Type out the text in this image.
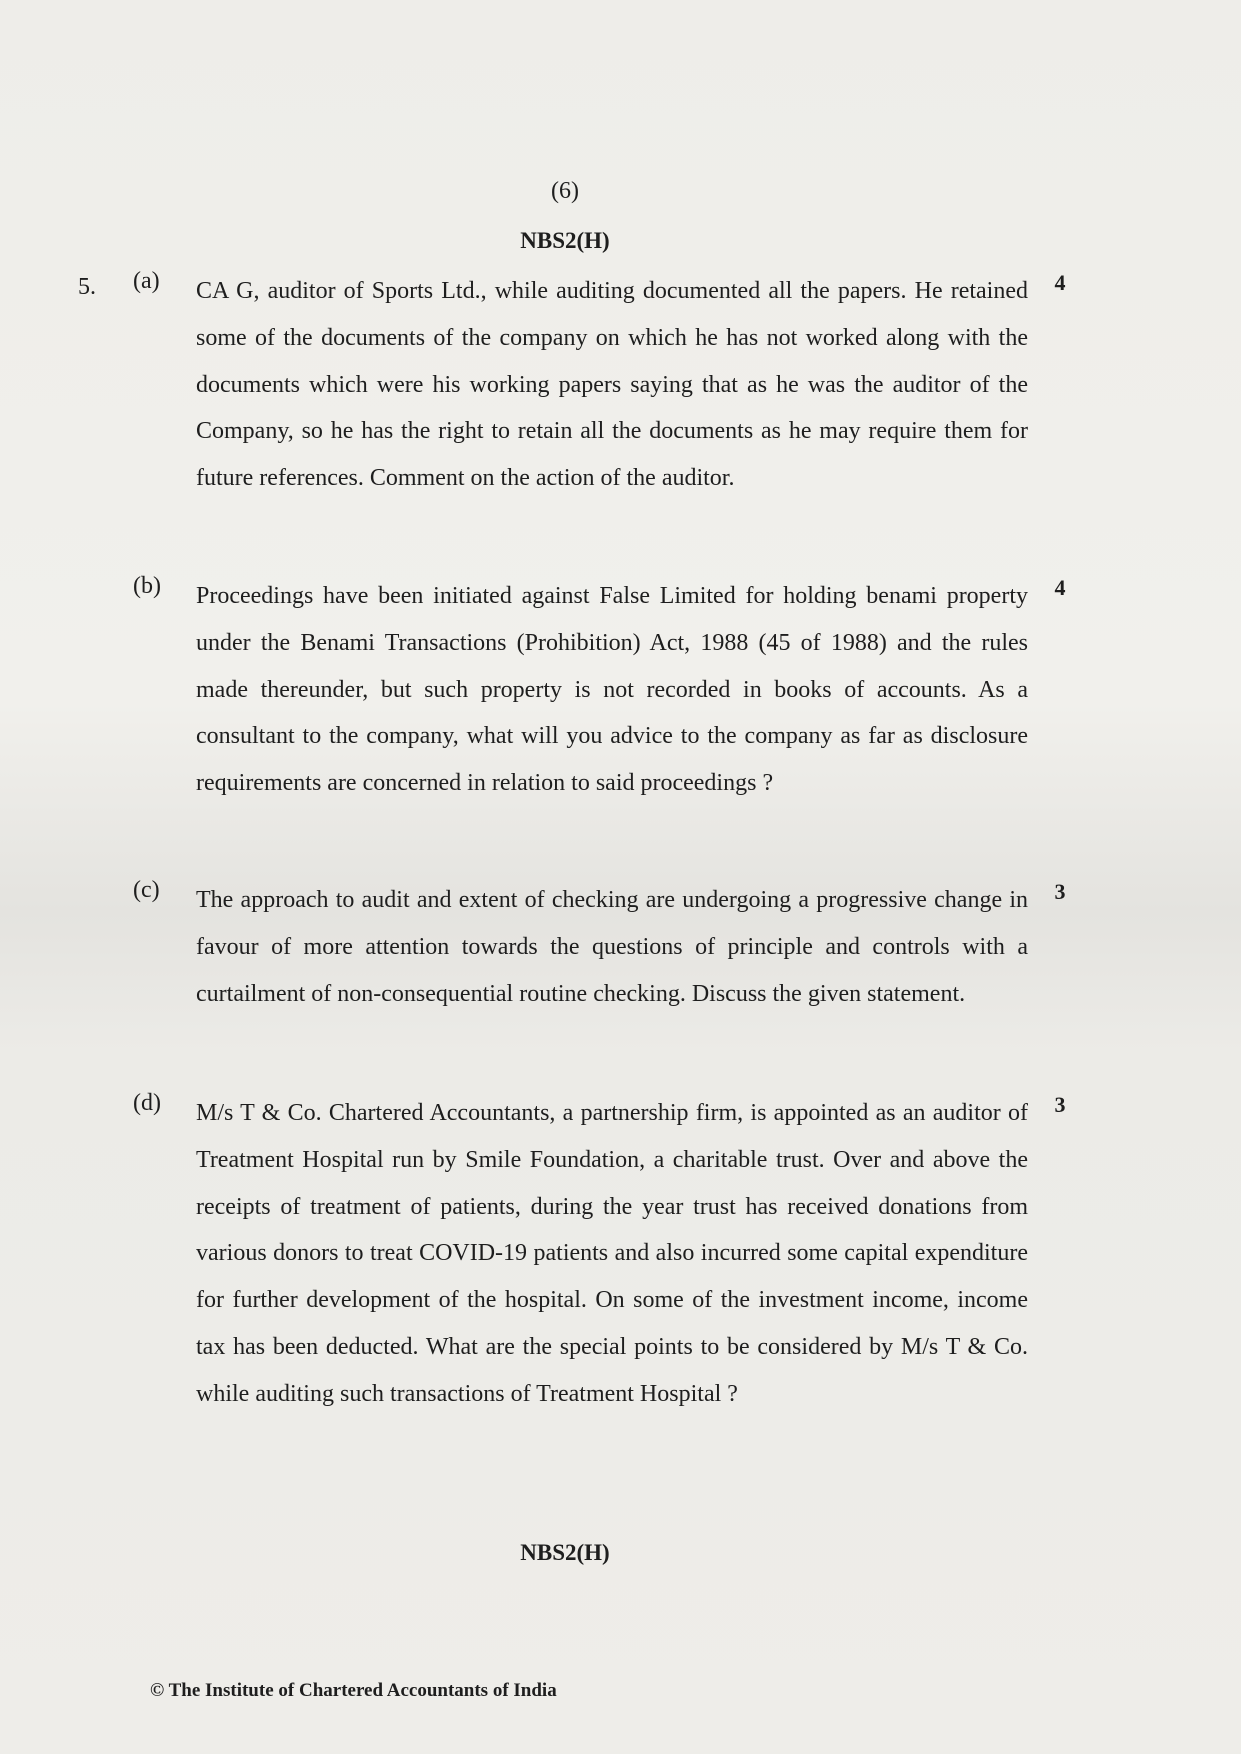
(6)
NBS2(H)
5. (a) CA G, auditor of Sports Ltd., while auditing documented all the papers. He retained some of the documents of the company on which he has not worked along with the documents which were his working papers saying that as he was the auditor of the Company, so he has the right to retain all the documents as he may require them for future references. Comment on the action of the auditor.

4
(b) Proceedings have been initiated against False Limited for holding benami property under the Benami Transactions (Prohibition) Act, 1988 (45 of 1988) and the rules made thereunder, but such property is not recorded in books of accounts. As a consultant to the company, what will you advice to the company as far as disclosure requirements are concerned in relation to said proceedings ?

4
(c) The approach to audit and extent of checking are undergoing a progressive change in favour of more attention towards the questions of principle and controls with a curtailment of non-consequential routine checking. Discuss the given statement.

3
(d) M/s T & Co. Chartered Accountants, a partnership firm, is appointed as an auditor of Treatment Hospital run by Smile Foundation, a charitable trust. Over and above the receipts of treatment of patients, during the year trust has received donations from various donors to treat COVID-19 patients and also incurred some capital expenditure for further development of the hospital. On some of the investment income, income tax has been deducted. What are the special points to be considered by M/s T & Co. while auditing such transactions of Treatment Hospital ?

3
NBS2(H)
© The Institute of Chartered Accountants of India
